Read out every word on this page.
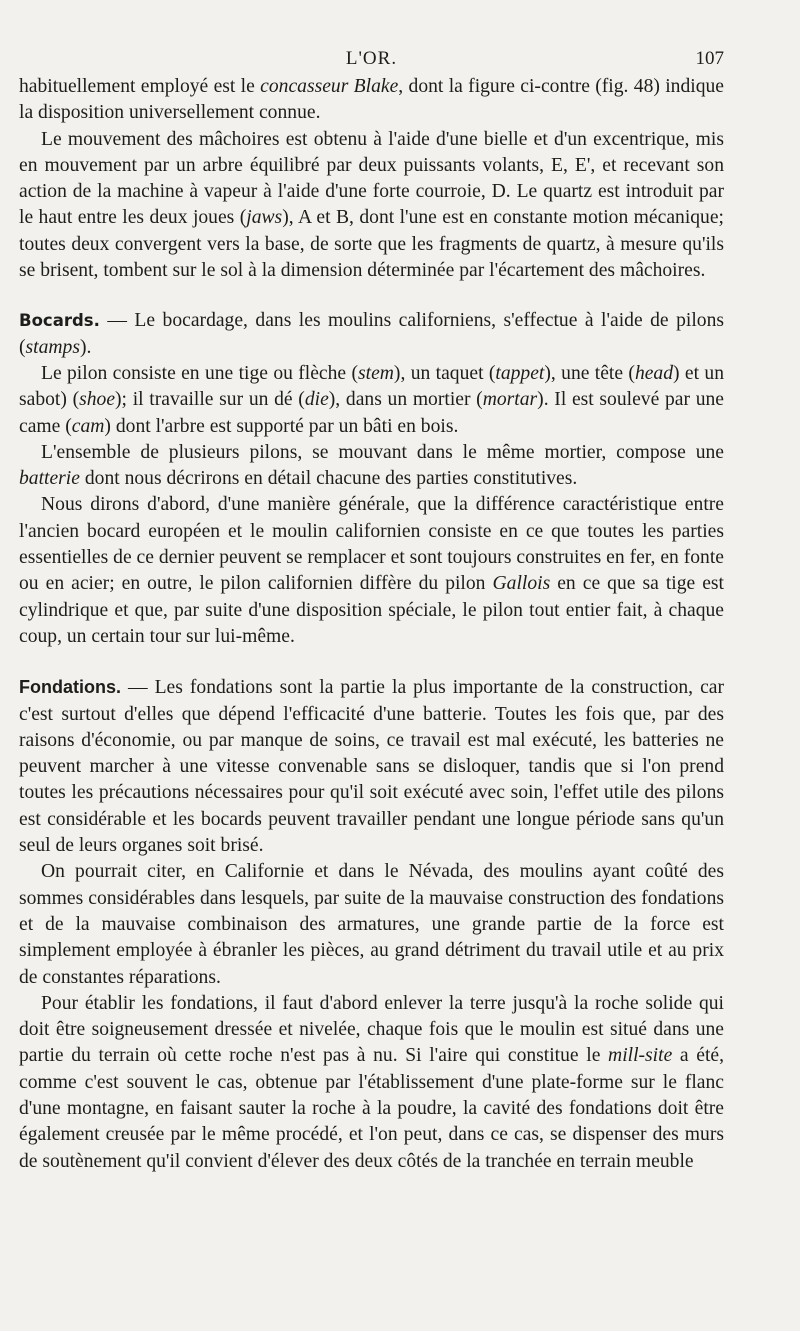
L'OR.	107

habituellement employé est le concasseur Blake, dont la figure ci-contre (fig. 48) indique la disposition universellement connue.

Le mouvement des mâchoires est obtenu à l'aide d'une bielle et d'un excentrique, mis en mouvement par un arbre équilibré par deux puissants volants, E, E', et recevant son action de la machine à vapeur à l'aide d'une forte courroie, D. Le quartz est introduit par le haut entre les deux joues (jaws), A et B, dont l'une est en constante motion mécanique; toutes deux convergent vers la base, de sorte que les fragments de quartz, à mesure qu'ils se brisent, tombent sur le sol à la dimension déterminée par l'écartement des mâchoires.

Bocards. — Le bocardage, dans les moulins californiens, s'effectue à l'aide de pilons (stamps).

Le pilon consiste en une tige ou flèche (stem), un taquet (tappet), une tête (head) et un sabot) (shoe); il travaille sur un dé (die), dans un mortier (mortar). Il est soulevé par une came (cam) dont l'arbre est supporté par un bâti en bois.

L'ensemble de plusieurs pilons, se mouvant dans le même mortier, compose une batterie dont nous décrirons en détail chacune des parties constitutives.

Nous dirons d'abord, d'une manière générale, que la différence caractéristique entre l'ancien bocard européen et le moulin californien consiste en ce que toutes les parties essentielles de ce dernier peuvent se remplacer et sont toujours construites en fer, en fonte ou en acier; en outre, le pilon californien diffère du pilon Gallois en ce que sa tige est cylindrique et que, par suite d'une disposition spéciale, le pilon tout entier fait, à chaque coup, un certain tour sur lui-même.

Fondations. — Les fondations sont la partie la plus importante de la construction, car c'est surtout d'elles que dépend l'efficacité d'une batterie. Toutes les fois que, par des raisons d'économie, ou par manque de soins, ce travail est mal exécuté, les batteries ne peuvent marcher à une vitesse convenable sans se disloquer, tandis que si l'on prend toutes les précautions nécessaires pour qu'il soit exécuté avec soin, l'effet utile des pilons est considérable et les bocards peuvent travailler pendant une longue période sans qu'un seul de leurs organes soit brisé.

On pourrait citer, en Californie et dans le Névada, des moulins ayant coûté des sommes considérables dans lesquels, par suite de la mauvaise construction des fondations et de la mauvaise combinaison des armatures, une grande partie de la force est simplement employée à ébranler les pièces, au grand détriment du travail utile et au prix de constantes réparations.

Pour établir les fondations, il faut d'abord enlever la terre jusqu'à la roche solide qui doit être soigneusement dressée et nivelée, chaque fois que le moulin est situé dans une partie du terrain où cette roche n'est pas à nu. Si l'aire qui constitue le mill-site a été, comme c'est souvent le cas, obtenue par l'établissement d'une plate-forme sur le flanc d'une montagne, en faisant sauter la roche à la poudre, la cavité des fondations doit être également creusée par le même procédé, et l'on peut, dans ce cas, se dispenser des murs de soutènement qu'il convient d'élever des deux côtés de la tranchée en terrain meuble
